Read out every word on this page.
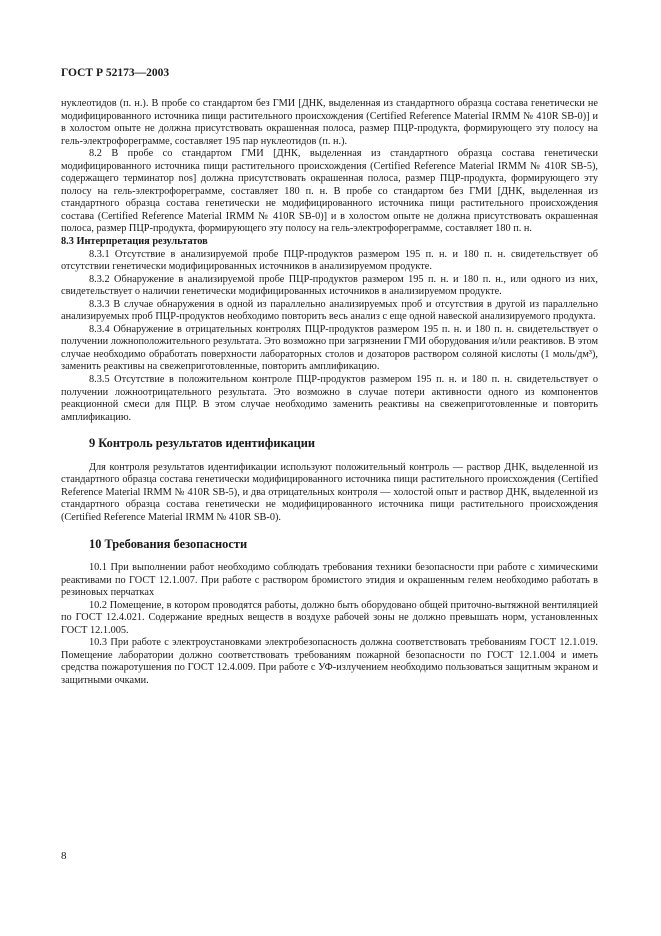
ГОСТ Р 52173—2003

нуклеотидов (п. н.). В пробе со стандартом без ГМИ [ДНК, выделенная из стандартного образца состава генетически не модифицированного источника пищи растительного происхождения (Certified Reference Material IRMM № 410R SB-0)] и в холостом опыте не должна присутствовать окрашенная полоса, размер ПЦР-продукта, формирующего эту полосу на гель-электрофореграмме, составляет 195 пар нуклеотидов (п. н.).

8.2 В пробе со стандартом ГМИ [ДНК, выделенная из стандартного образца состава генетически модифицированного источника пищи растительного происхождения (Certified Reference Material IRMM № 410R SB-5), содержащего терминатор nos] должна присутствовать окрашенная полоса, размер ПЦР-продукта, формирующего эту полосу на гель-электрофореграмме, составляет 180 п. н. В пробе со стандартом без ГМИ [ДНК, выделенная из стандартного образца состава генетически не модифицированного источника пищи растительного происхождения состава (Certified Reference Material IRMM № 410R SB-0)] и в холостом опыте не должна присутствовать окрашенная полоса, размер ПЦР-продукта, формирующего эту полосу на гель-электрофореграмме, составляет 180 п. н.

8.3 Интерпретация результатов

8.3.1 Отсутствие в анализируемой пробе ПЦР-продуктов размером 195 п. н. и 180 п. н. свидетельствует об отсутствии генетически модифицированных источников в анализируемом продукте.

8.3.2 Обнаружение в анализируемой пробе ПЦР-продуктов размером 195 п. н. и 180 п. н., или одного из них, свидетельствует о наличии генетически модифицированных источников в анализируемом продукте.

8.3.3 В случае обнаружения в одной из параллельно анализируемых проб и отсутствия в другой из параллельно анализируемых проб ПЦР-продуктов необходимо повторить весь анализ с еще одной навеской анализируемого продукта.

8.3.4 Обнаружение в отрицательных контролях ПЦР-продуктов размером 195 п. н. и 180 п. н. свидетельствует о получении ложноположительного результата. Это возможно при загрязнении ГМИ оборудования и/или реактивов. В этом случае необходимо обработать поверхности лабораторных столов и дозаторов раствором соляной кислоты (1 моль/дм³), заменить реактивы на свежеприготовленные, повторить амплификацию.

8.3.5 Отсутствие в положительном контроле ПЦР-продуктов размером 195 п. н. и 180 п. н. свидетельствует о получении ложноотрицательного результата. Это возможно в случае потери активности одного из компонентов реакционной смеси для ПЦР. В этом случае необходимо заменить реактивы на свежеприготовленные и повторить амплификацию.

9 Контроль результатов идентификации

Для контроля результатов идентификации используют положительный контроль — раствор ДНК, выделенной из стандартного образца состава генетически модифицированного источника пищи растительного происхождения (Certified Reference Material IRMM № 410R SB-5), и два отрицательных контроля — холостой опыт и раствор ДНК, выделенной из стандартного образца состава генетически не модифицированного источника пищи растительного происхождения (Certified Reference Material IRMM № 410R SB-0).

10 Требования безопасности

10.1 При выполнении работ необходимо соблюдать требования техники безопасности при работе с химическими реактивами по ГОСТ 12.1.007. При работе с раствором бромистого этидия и окрашенным гелем необходимо работать в резиновых перчатках

10.2 Помещение, в котором проводятся работы, должно быть оборудовано общей приточно-вытяжной вентиляцией по ГОСТ 12.4.021. Содержание вредных веществ в воздухе рабочей зоны не должно превышать норм, установленных ГОСТ 12.1.005.

10.3 При работе с электроустановками электробезопасность должна соответствовать требованиям ГОСТ 12.1.019. Помещение лаборатории должно соответствовать требованиям пожарной безопасности по ГОСТ 12.1.004 и иметь средства пожаротушения по ГОСТ 12.4.009. При работе с УФ-излучением необходимо пользоваться защитным экраном и защитными очками.

8
